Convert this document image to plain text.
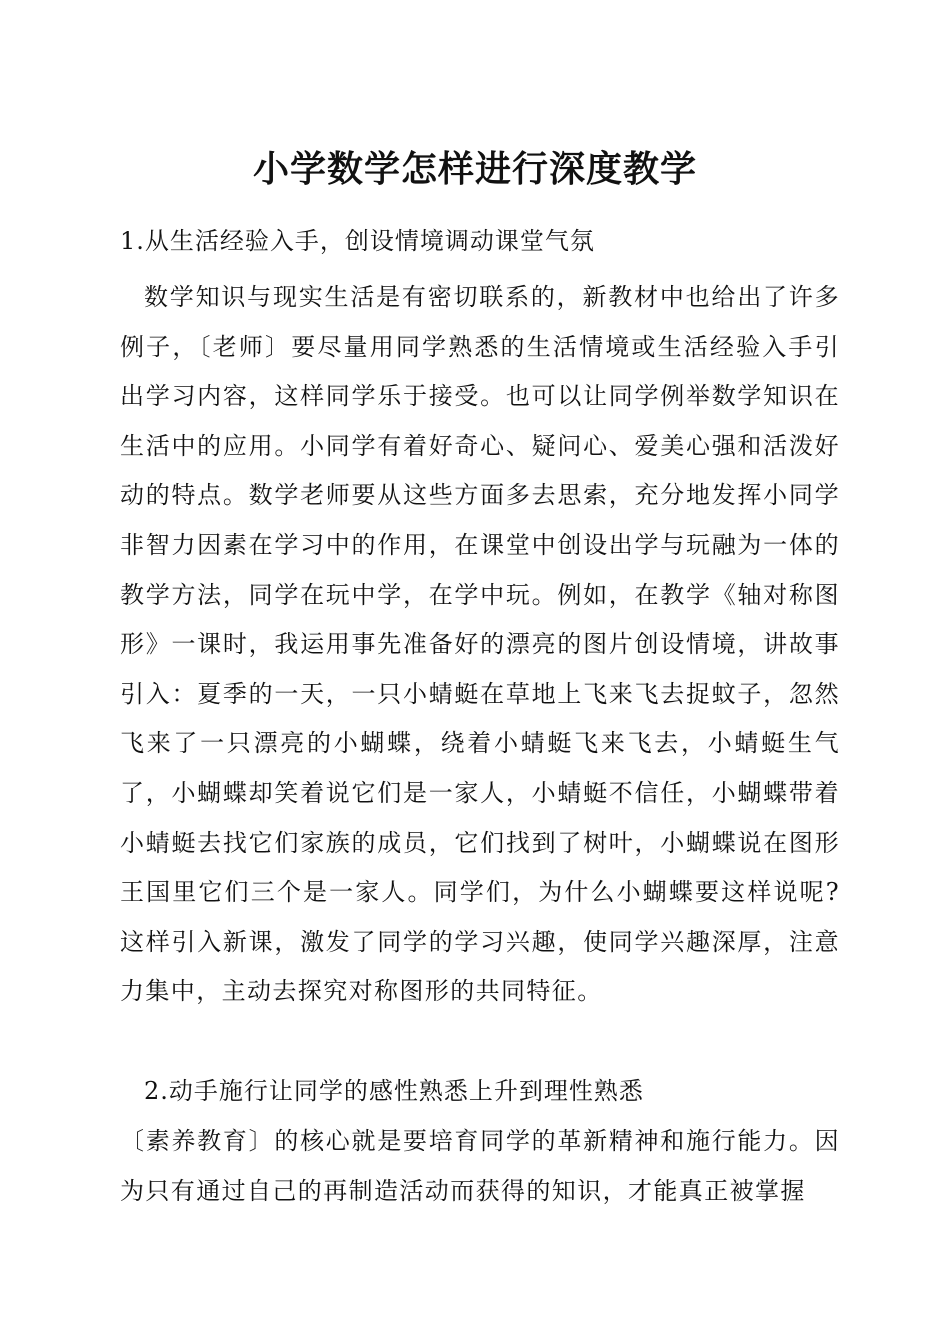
小学数学怎样进行深度教学
1.从生活经验入手，创设情境调动课堂气氛
数学知识与现实生活是有密切联系的，新教材中也给出了许多例子，〔老师〕要尽量用同学熟悉的生活情境或生活经验入手引出学习内容，这样同学乐于接受。也可以让同学例举数学知识在生活中的应用。小同学有着好奇心、疑问心、爱美心强和活泼好动的特点。数学老师要从这些方面多去思索，充分地发挥小同学非智力因素在学习中的作用，在课堂中创设出学与玩融为一体的教学方法，同学在玩中学，在学中玩。例如，在教学《轴对称图形》一课时，我运用事先准备好的漂亮的图片创设情境，讲故事引入：夏季的一天，一只小蜻蜓在草地上飞来飞去捉蚊子，忽然飞来了一只漂亮的小蝴蝶，绕着小蜻蜓飞来飞去，小蜻蜓生气了，小蝴蝶却笑着说它们是一家人，小蜻蜓不信任，小蝴蝶带着小蜻蜓去找它们家族的成员，它们找到了树叶，小蝴蝶说在图形王国里它们三个是一家人。同学们，为什么小蝴蝶要这样说呢?这样引入新课，激发了同学的学习兴趣，使同学兴趣深厚，注意力集中，主动去探究对称图形的共同特征。
2.动手施行让同学的感性熟悉上升到理性熟悉
〔素养教育〕的核心就是要培育同学的革新精神和施行能力。因为只有通过自己的再制造活动而获得的知识，才能真正被掌握
